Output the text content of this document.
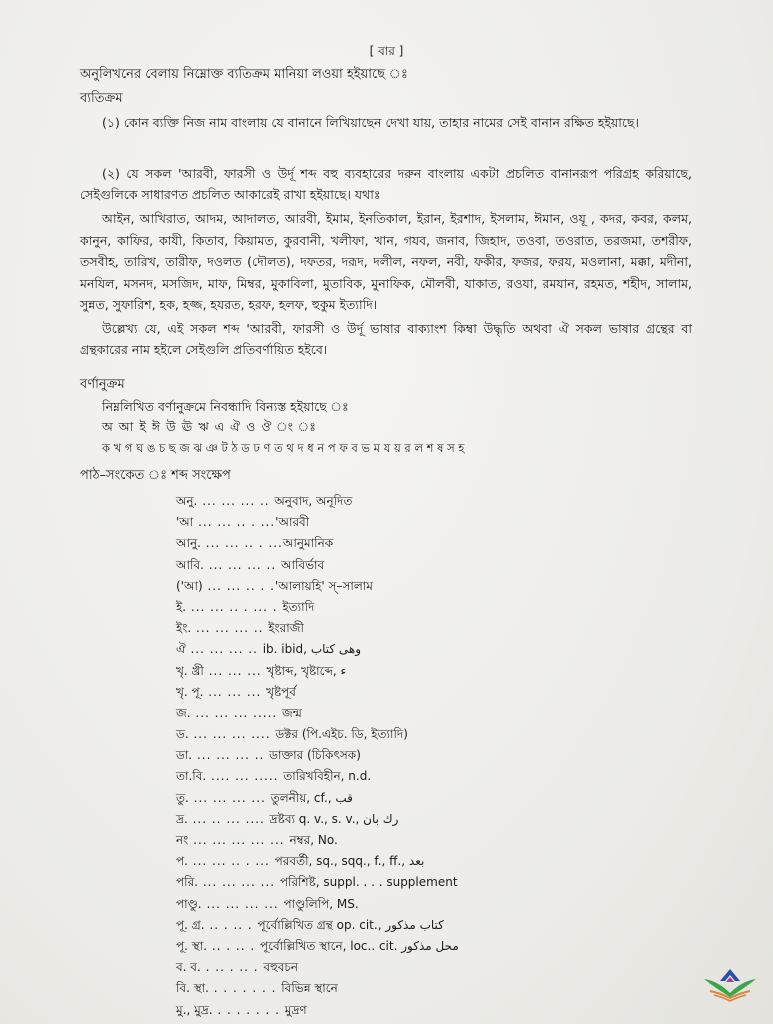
[ বার ]
অনুলিখনের বেলায় নিম্নোক্ত ব্যতিক্রম মানিয়া লওয়া হইয়াছে ঃ
ব্যতিক্রম
(১) কোন ব্যক্তি নিজ নাম বাংলায় যে বানানে লিখিয়াছেন দেখা যায়, তাহার নামের সেই বানান রক্ষিত হইয়াছে।
(২) যে সকল 'আরবী, ফারসী ও উর্দূ শব্দ বহু ব্যবহারের দরুন বাংলায় একটা প্রচলিত বানানরূপ পরিগ্রহ করিয়াছে, সেইগুলিকে সাধারণত প্রচলিত আকারেই রাখা হইয়াছে। যথাঃ
আইন, আখিরাত, আদম, আদালত, আরবী, ইমাম, ইনতিকাল, ইরান, ইরশাদ, ইসলাম, ঈমান, ওযূ , কদর, কবর, কলম, কানুন, কাফির, কাযী, কিতাব, কিয়ামত, কুরবানী, খলীফা, খান, গযব, জনাব, জিহাদ, তওবা, তওরাত, তরজমা, তশরীফ, তসবীহ, তারিখ, তারীফ, দওলত (দৌলত), দফতর, দরূদ, দলীল, নফল, নবী, ফকীর, ফজর, ফরয, মওলানা, মক্কা, মদীনা, মনযিল, মসনদ, মসজিদ, মাফ, মিম্বর, মুকাবিলা, মুতাবিক, মুনাফিক, মৌলবী, যাকাত, রওযা, রমযান, রহমত, শহীদ, সালাম, সুন্নত, সুফারিশ, হক, হজ্জ, হযরত, হরফ, হলফ, হুকুম ইত্যাদি।
উল্লেখ্য যে, এই সকল শব্দ 'আরবী, ফারসী ও উর্দূ ভাষার বাক্যাংশ কিম্বা উদ্ধৃতি অথবা ঐ সকল ভাষার গ্রন্থের বা গ্রন্থকারের নাম হইলে সেইগুলি প্রতিবর্ণায়িত হইবে।
বর্ণানুক্রম
নিম্নলিখিত বর্ণানুক্রমে নিবন্ধাদি বিন্যস্ত হইয়াছে ঃ
অ আ ই ঈ উ ঊ ঋ এ ঐ ও ঔ ং ঃ
ক খ গ ঘ ঙ চ ছ জ ঝ ঞ ট ঠ ড ঢ ণ ত থ দ ধ ন প ফ ব ভ ম য য় র ল শ ষ স হ
পাঠ–সংকেত ঃ শব্দ সংক্ষেপ
অনু. ... ... ... .. অনুবাদ, অনূদিত
'আ ... ... .. . ...'আরবী
আনু. ... ... .. . ...আনুমানিক
আবি. ... ... ... .. আবির্ভাব
('আ) ... ... .. . .'আলায়হি' স্–সালাম
ই. ... ... .. . ... . ইত্যাদি
ইং. ... ... ... .. ইংরাজী
ঐ ... ... ... .. ib. ibid, وهی کتاب
খৃ. খ্রী ... ... ... খৃষ্টাব্দ, খৃষ্টাব্দে, ء
খৃ. পূ. ... ... ... খৃষ্টপূর্ব
জ. ... ... ... ..... জন্ম
ড. ... ... ... .... ডক্টর (পি.এইচ. ডি, ইত্যাদি)
ডা. ... ... ... .. ডাক্তার (চিকিৎসক)
তা.বি. .... ... ..... তারিখবিহীন, n.d.
তু. ... ... ... ... তুলনীয়, cf., قب
দ্র. ... .. ... .... দ্রষ্টব্য q. v., s. v., رك بان
নং ... ... ... ... ... নম্বর, No.
প. ... ... .. . ... পরবর্তী, sq., sqq., f., ff., بعد
পরি. ... ... ... ... পরিশিষ্ট, suppl. . . . supplement
পাণ্ডু. ... ... ... ... পাণ্ডুলিপি, MS.
পূ. গ্র. .. . .. . পূর্বোল্লিখিত গ্রন্থ op. cit., کتاب مذکور
পূ. স্থা. .. . .. . পূর্বোল্লিখিত স্থানে, loc.. cit. محل مذکور
ব. ব. . .. . .. . বহুবচন
বি. স্থা. . . . . . . . বিভিন্ন স্থানে
মু., মুদ্র. . . . . . . . মুদ্রণ
